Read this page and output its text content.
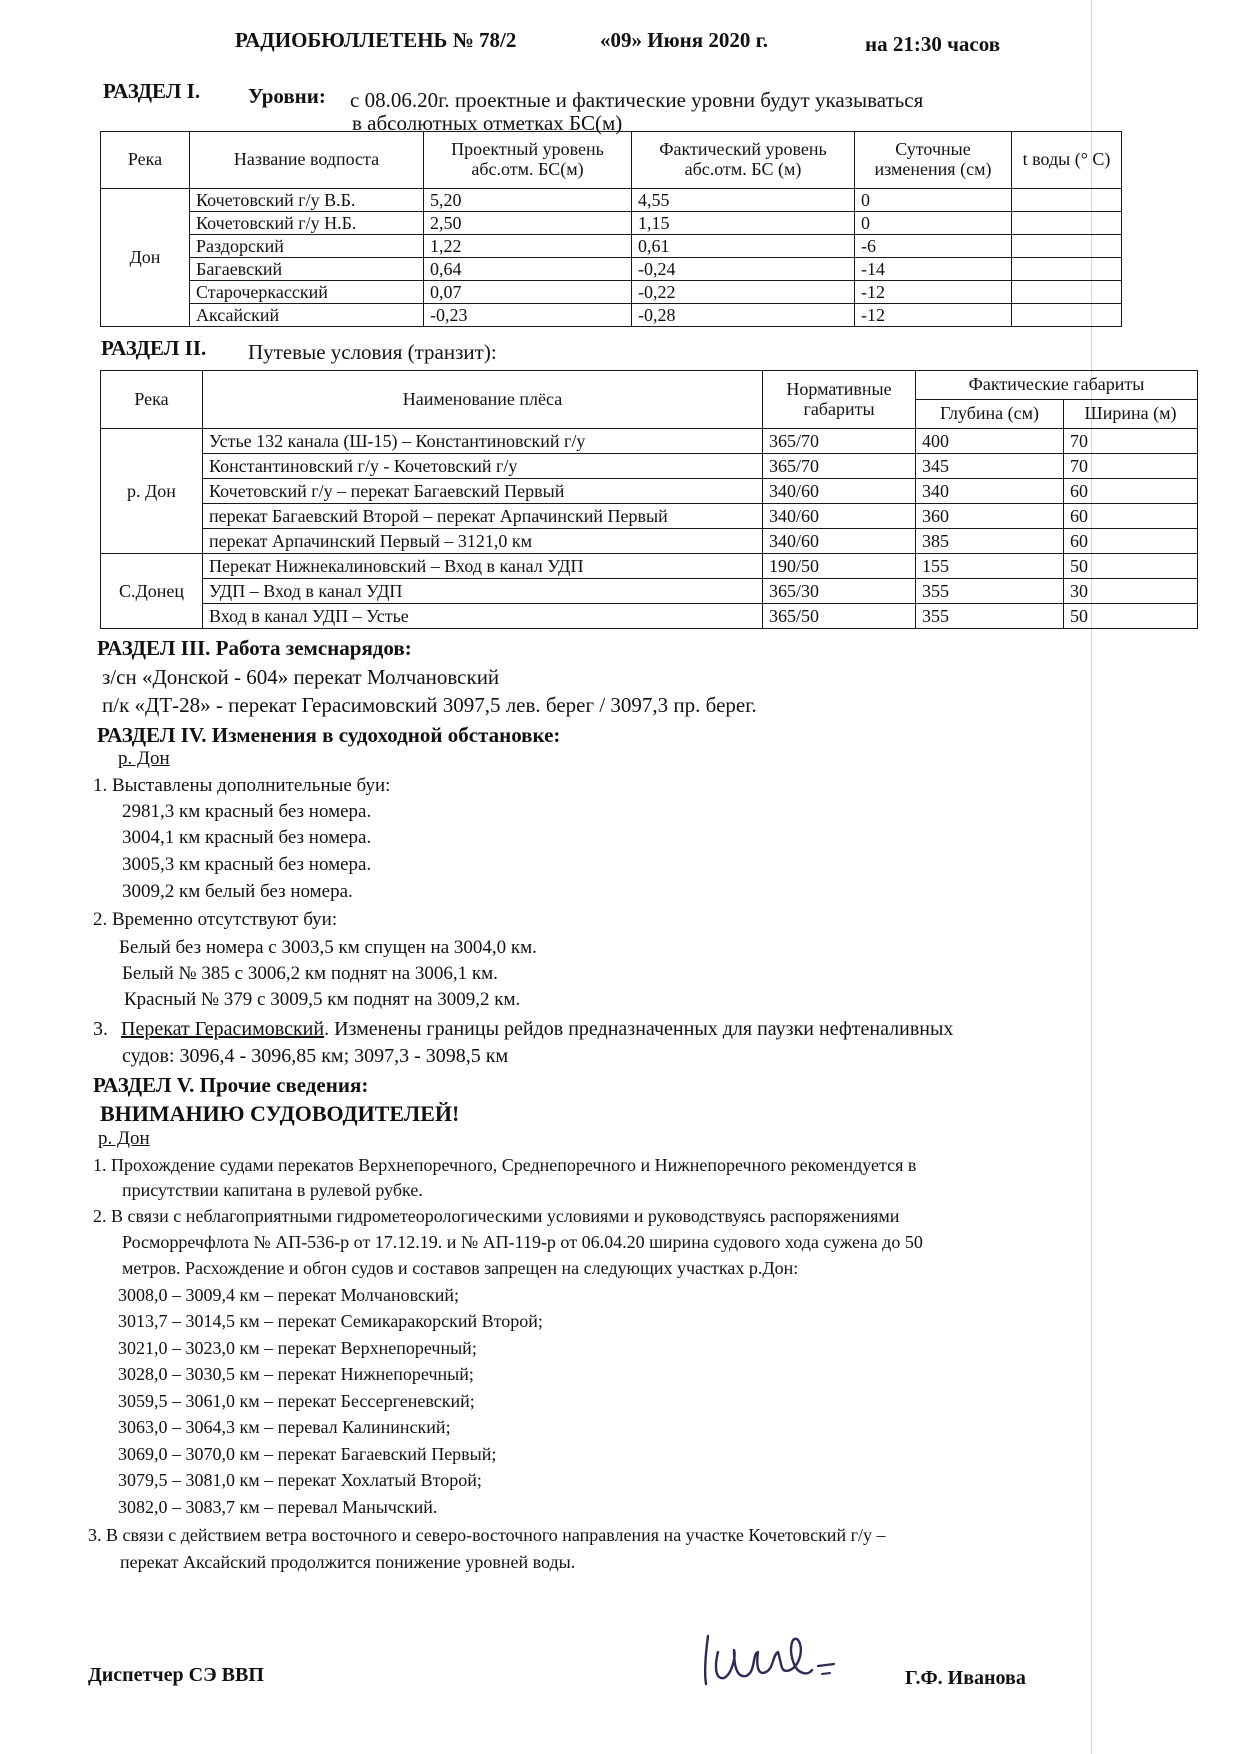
РАДИОБЮЛЛЕТЕНЬ № 78/2	«09» Июня 2020 г.	на 21:30 часов
РАЗДЕЛ I. Уровни: с 08.06.20г. проектные и фактические уровни будут указываться
в абсолютных отметках БС(м)
Река	Название водпоста	Проектный уровень абс.отм. БС(м)	Фактический уровень абс.отм. БС (м)	Суточные изменения (см)	t воды (° С)
Дон	Кочетовский г/у В.Б.	5,20	4,55	0	
	Кочетовский г/у Н.Б.	2,50	1,15	0	
	Раздорский	1,22	0,61	-6	
	Багаевский	0,64	-0,24	-14	
	Старочеркасский	0,07	-0,22	-12	
	Аксайский	-0,23	-0,28	-12	
РАЗДЕЛ II. Путевые условия (транзит):
Река	Наименование плёса	Нормативные габариты	Фактические габариты	
			Глубина (см)	Ширина (м)
р. Дон	Устье 132 канала (Ш-15) – Константиновский г/у	365/70	400	70
	Константиновский г/у - Кочетовский г/у	365/70	345	70
	Кочетовский г/у – перекат Багаевский Первый	340/60	340	60
	перекат Багаевский Второй – перекат Арпачинский Первый	340/60	360	60
	перекат Арпачинский Первый – 3121,0 км	340/60	385	60
С.Донец	Перекат Нижнекалиновский – Вход в канал УДП	190/50	155	50
	УДП – Вход в канал УДП	365/30	355	30
	Вход в канал УДП – Устье	365/50	355	50
РАЗДЕЛ III. Работа земснарядов:
з/сн «Донской - 604» перекат Молчановский
п/к «ДТ-28» - перекат Герасимовский 3097,5 лев. берег / 3097,3 пр. берег.
РАЗДЕЛ IV. Изменения в судоходной обстановке:
р. Дон
1. Выставлены дополнительные буи:
2981,3 км красный без номера.
3004,1 км красный без номера.
3005,3 км красный без номера.
3009,2 км белый без номера.
2. Временно отсутствуют буи:
Белый без номера с 3003,5 км спущен на 3004,0 км.
Белый № 385 с 3006,2 км поднят на 3006,1 км.
Красный № 379 с 3009,5 км поднят на 3009,2 км.
3. Перекат Герасимовский. Изменены границы рейдов предназначенных для паузки нефтеналивных
судов: 3096,4 - 3096,85 км; 3097,3 - 3098,5 км
РАЗДЕЛ V. Прочие сведения:
ВНИМАНИЮ СУДОВОДИТЕЛЕЙ!
р. Дон
1. Прохождение судами перекатов Верхнепоречного, Среднепоречного и Нижнепоречного рекомендуется в
присутствии капитана в рулевой рубке.
2. В связи с неблагоприятными гидрометеорологическими условиями и руководствуясь распоряжениями
Росморречфлота № АП-536-р от 17.12.19. и № АП-119-р от 06.04.20 ширина судового хода сужена до 50
метров. Расхождение и обгон судов и составов запрещен на следующих участках р.Дон:
3008,0 – 3009,4 км – перекат Молчановский;
3013,7 – 3014,5 км – перекат Семикаракорский Второй;
3021,0 – 3023,0 км – перекат Верхнепоречный;
3028,0 – 3030,5 км – перекат Нижнепоречный;
3059,5 – 3061,0 км – перекат Бессергеневский;
3063,0 – 3064,3 км – перевал Калининский;
3069,0 – 3070,0 км – перекат Багаевский Первый;
3079,5 – 3081,0 км – перекат Хохлатый Второй;
3082,0 – 3083,7 км – перевал Манычский.
3. В связи с действием ветра восточного и северо-восточного направления на участке Кочетовский г/у –
перекат Аксайский продолжится понижение уровней воды.
Диспетчер СЭ ВВП	Г.Ф. Иванова
